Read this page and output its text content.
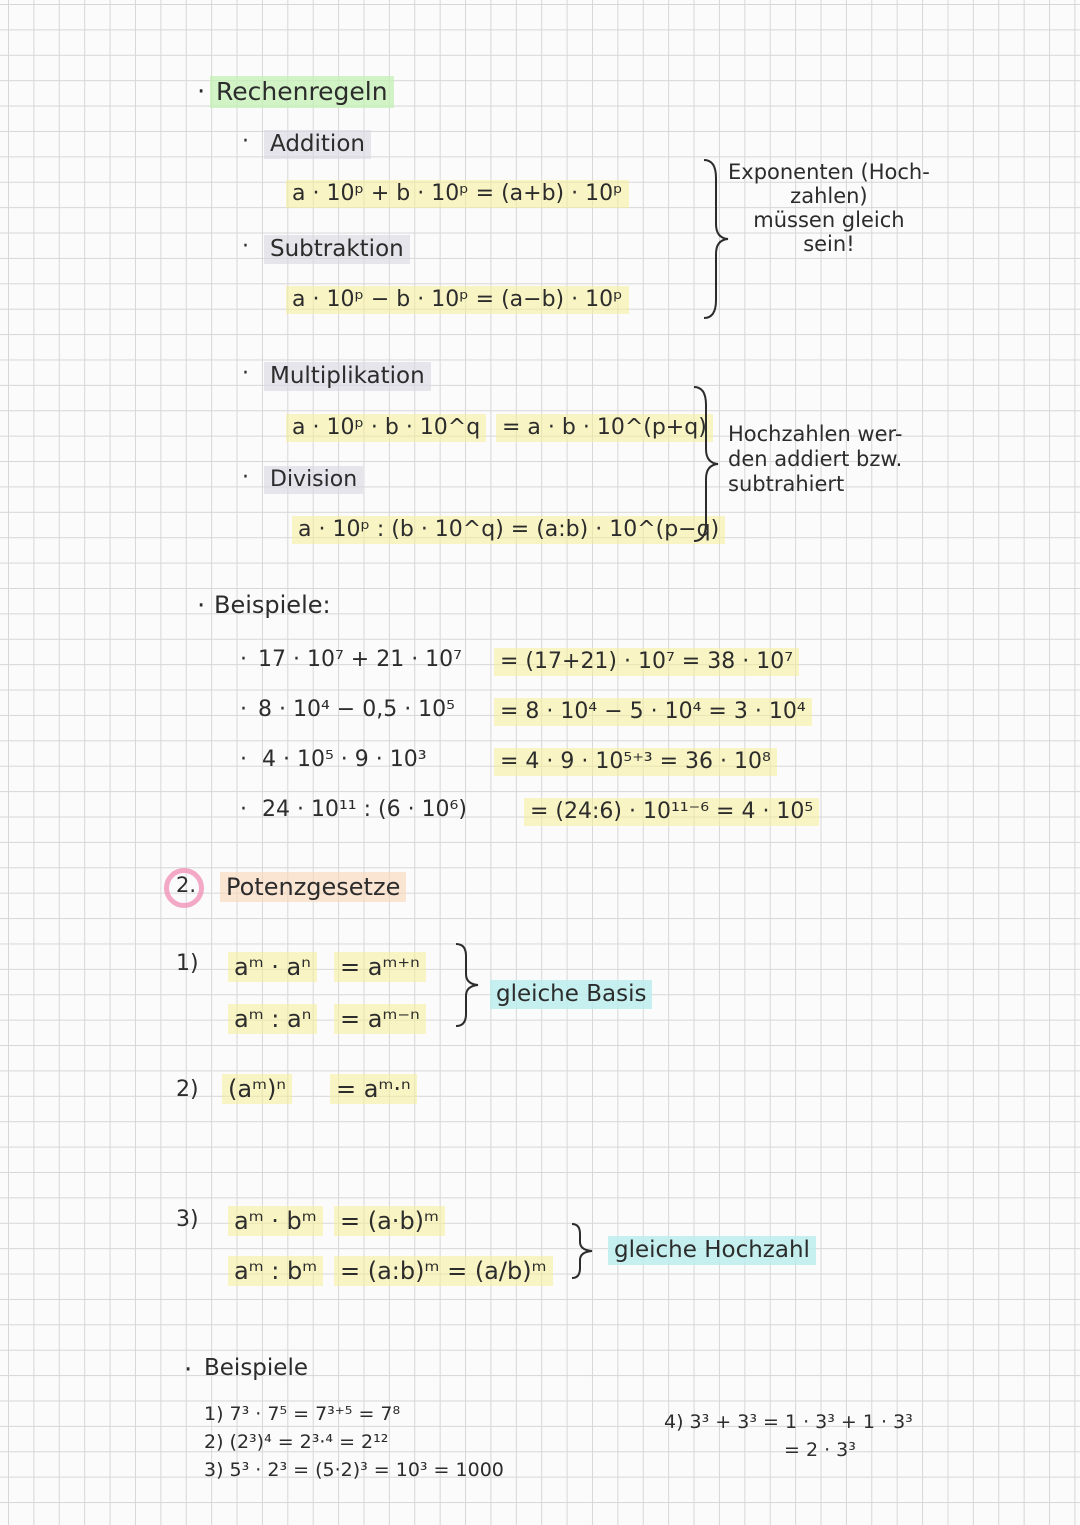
· Rechenregeln
· Addition
a · 10ᵖ + b · 10ᵖ = (a+b) · 10ᵖ
· Subtraktion
a · 10ᵖ − b · 10ᵖ = (a−b) · 10ᵖ
Exponenten (Hoch-
zahlen)
müssen gleich
sein!
· Multiplikation
a · 10ᵖ · b · 10^q = a · b · 10^(p+q)
· Division
a · 10ᵖ : (b · 10^q) = (a:b) · 10^(p−q)
Hochzahlen wer-
den addiert bzw.
subtrahiert
· Beispiele:
· 17 · 10⁷ + 21 · 10⁷ = (17+21) · 10⁷ = 38 · 10⁷
· 8 · 10⁴ − 0,5 · 10⁵ = 8 · 10⁴ − 5 · 10⁴ = 3 · 10⁴
· 4 · 10⁵ · 9 · 10³	= 4 · 9 · 10⁵⁺³ = 36 · 10⁸
· 24 · 10¹¹ : (6 · 10⁶)	= (24:6) · 10¹¹⁻⁶ = 4 · 10⁵
2. Potenzgesetze
1) aᵐ · aⁿ = aᵐ⁺ⁿ
aᵐ : aⁿ = aᵐ⁻ⁿ
gleiche Basis
2) (aᵐ)ⁿ = aᵐ·ⁿ
3) aᵐ · bᵐ = (a·b)ᵐ
aᵐ : bᵐ = (a:b)ᵐ = (a/b)ᵐ
gleiche Hochzahl
· Beispiele
1) 7³ · 7⁵ = 7³⁺⁵ = 7⁸
2) (2³)⁴ = 2³·⁴ = 2¹²
3) 5³ · 2³ = (5·2)³ = 10³ = 1000
4) 3³ + 3³ = 1 · 3³ + 1 · 3³
= 2 · 3³
